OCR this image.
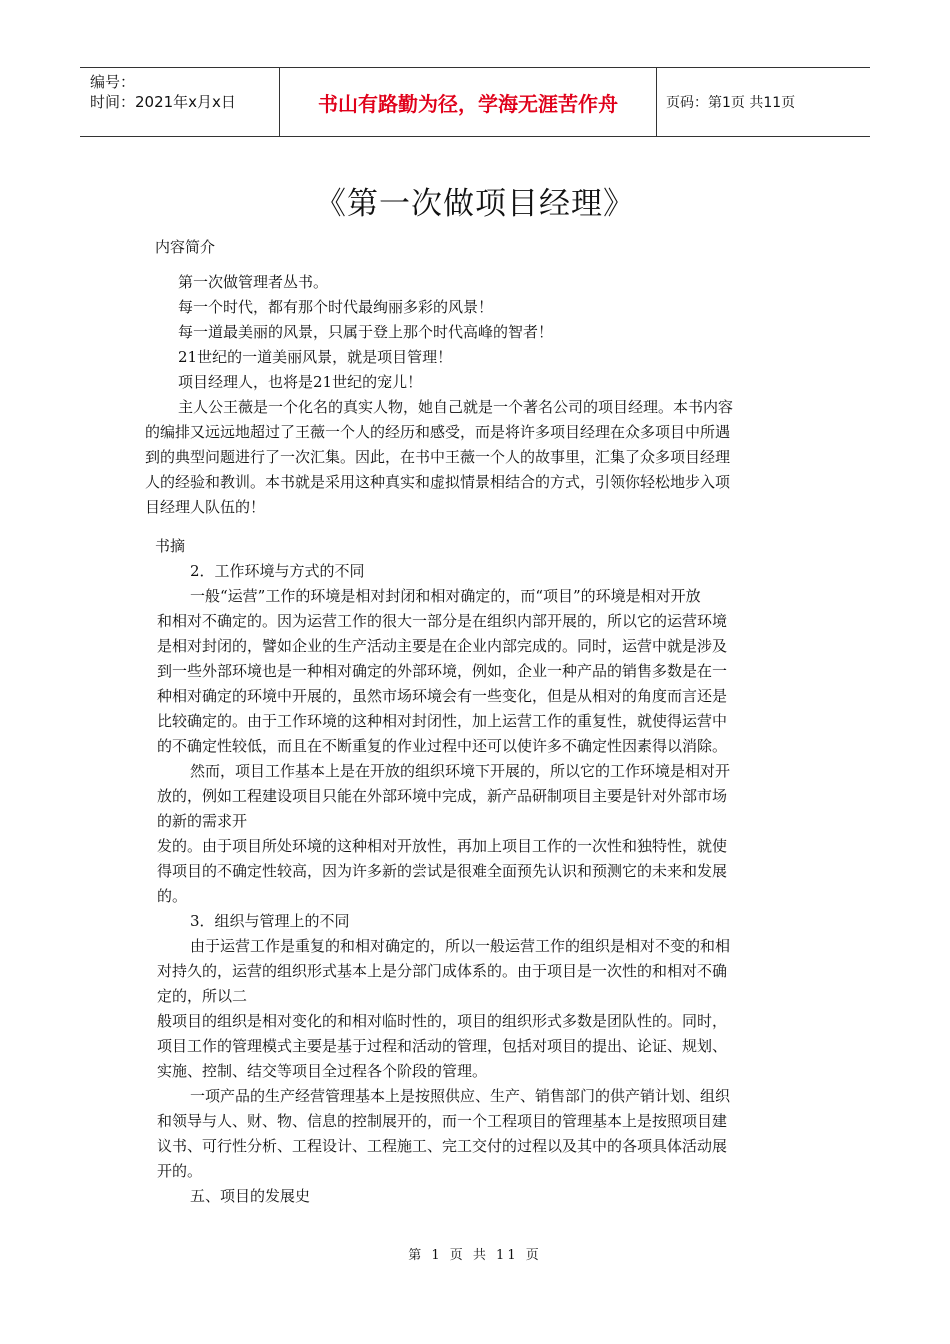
编号：
时间：2021年x月x日	书山有路勤为径，学海无涯苦作舟	页码：第1页 共11页
《第一次做项目经理》
内容简介
第一次做管理者丛书。
每一个时代，都有那个时代最绚丽多彩的风景！
每一道最美丽的风景，只属于登上那个时代高峰的智者！
21世纪的一道美丽风景，就是项目管理！
项目经理人，也将是21世纪的宠儿！
主人公王薇是一个化名的真实人物，她自己就是一个著名公司的项目经理。本书内容
的编排又远远地超过了王薇一个人的经历和感受，而是将许多项目经理在众多项目中所遇
到的典型问题进行了一次汇集。因此，在书中王薇一个人的故事里，汇集了众多项目经理
人的经验和教训。本书就是采用这种真实和虚拟情景相结合的方式，引领你轻松地步入项
目经理人队伍的！
书摘
2．工作环境与方式的不同
一般“运营”工作的环境是相对封闭和相对确定的，而“项目”的环境是相对开放
和相对不确定的。因为运营工作的很大一部分是在组织内部开展的，所以它的运营环境
是相对封闭的，譬如企业的生产活动主要是在企业内部完成的。同时，运营中就是涉及
到一些外部环境也是一种相对确定的外部环境，例如，企业一种产品的销售多数是在一
种相对确定的环境中开展的，虽然市场环境会有一些变化，但是从相对的角度而言还是
比较确定的。由于工作环境的这种相对封闭性，加上运营工作的重复性，就使得运营中
的不确定性较低，而且在不断重复的作业过程中还可以使许多不确定性因素得以消除。
然而，项目工作基本上是在开放的组织环境下开展的，所以它的工作环境是相对开
放的，例如工程建设项目只能在外部环境中完成，新产品研制项目主要是针对外部市场
的新的需求开
发的。由于项目所处环境的这种相对开放性，再加上项目工作的一次性和独特性，就使
得项目的不确定性较高，因为许多新的尝试是很难全面预先认识和预测它的未来和发展
的。
3．组织与管理上的不同
由于运营工作是重复的和相对确定的，所以一般运营工作的组织是相对不变的和相
对持久的，运营的组织形式基本上是分部门成体系的。由于项目是一次性的和相对不确
定的，所以二
般项目的组织是相对变化的和相对临时性的，项目的组织形式多数是团队性的。同时，
项目工作的管理模式主要是基于过程和活动的管理，包括对项目的提出、论证、规划、
实施、控制、结交等项目全过程各个阶段的管理。
一项产品的生产经营管理基本上是按照供应、生产、销售部门的供产销计划、组织
和领导与人、财、物、信息的控制展开的，而一个工程项目的管理基本上是按照项目建
议书、可行性分析、工程设计、工程施工、完工交付的过程以及其中的各项具体活动展
开的。
五、项目的发展史
第 1 页 共 11 页
